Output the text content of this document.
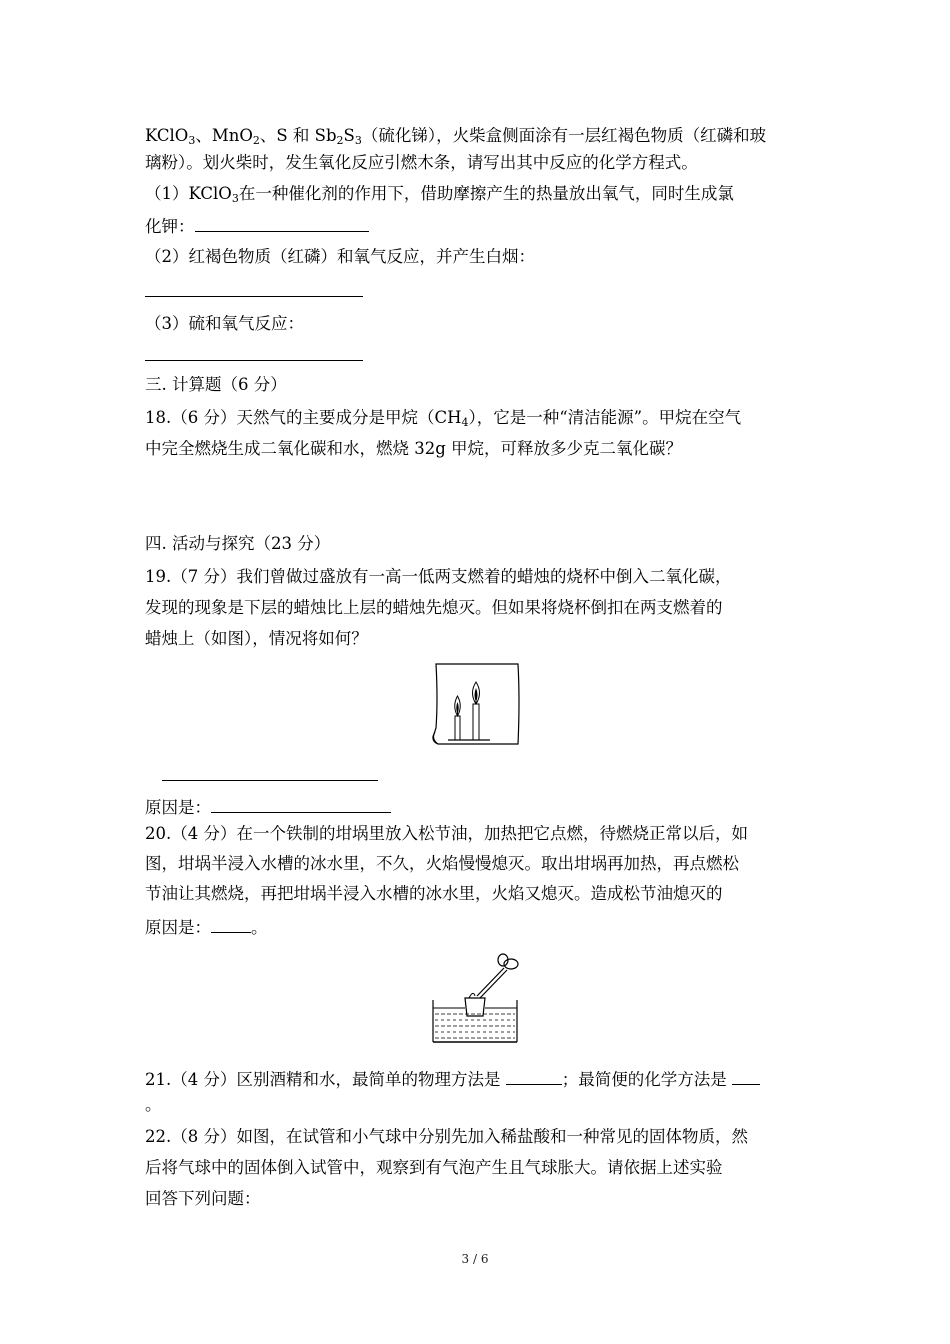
KClO$_3$、MnO$_2$、S 和 $Sb_2S_3$（硫化锑），火柴盒侧面涂有一层红褐色物质（红磷和玻
璃粉）。划火柴时，发生氧化反应引燃木条，请写出其中反应的化学方程式。
（1）KClO$_3$在一种催化剂的作用下，借助摩擦产生的热量放出氧气，同时生成氯
化钾：
（2）红褐色物质（红磷）和氧气反应，并产生白烟：
（3）硫和氧气反应：
三. 计算题（6 分）
18.（6 分）天然气的主要成分是甲烷$(CH_4)$，它是一种“清洁能源”。甲烷在空气
中完全燃烧生成二氧化碳和水，燃烧 32g 甲烷，可释放多少克二氧化碳？
四. 活动与探究（23 分）
19.（7 分）我们曾做过盛放有一高一低两支燃着的蜡烛的烧杯中倒入二氧化碳，
发现的现象是下层的蜡烛比上层的蜡烛先熄灭。但如果将烧杯倒扣在两支燃着的
蜡烛上（如图），情况将如何？
原因是：
20.（4 分）在一个铁制的坩埚里放入松节油，加热把它点燃，待燃烧正常以后，如
图，坩埚半浸入水槽的冰水里，不久，火焰慢慢熄灭。取出坩埚再加热，再点燃松
节油让其燃烧，再把坩埚半浸入水槽的冰水里，火焰又熄灭。造成松节油熄灭的
原因是： 。
21.（4 分）区别酒精和水，最简单的物理方法是	；最简便的化学方法是
。
22.（8 分）如图，在试管和小气球中分别先加入稀盐酸和一种常见的固体物质，然
后将气球中的固体倒入试管中，观察到有气泡产生且气球胀大。请依据上述实验
回答下列问题：
3 / 6
